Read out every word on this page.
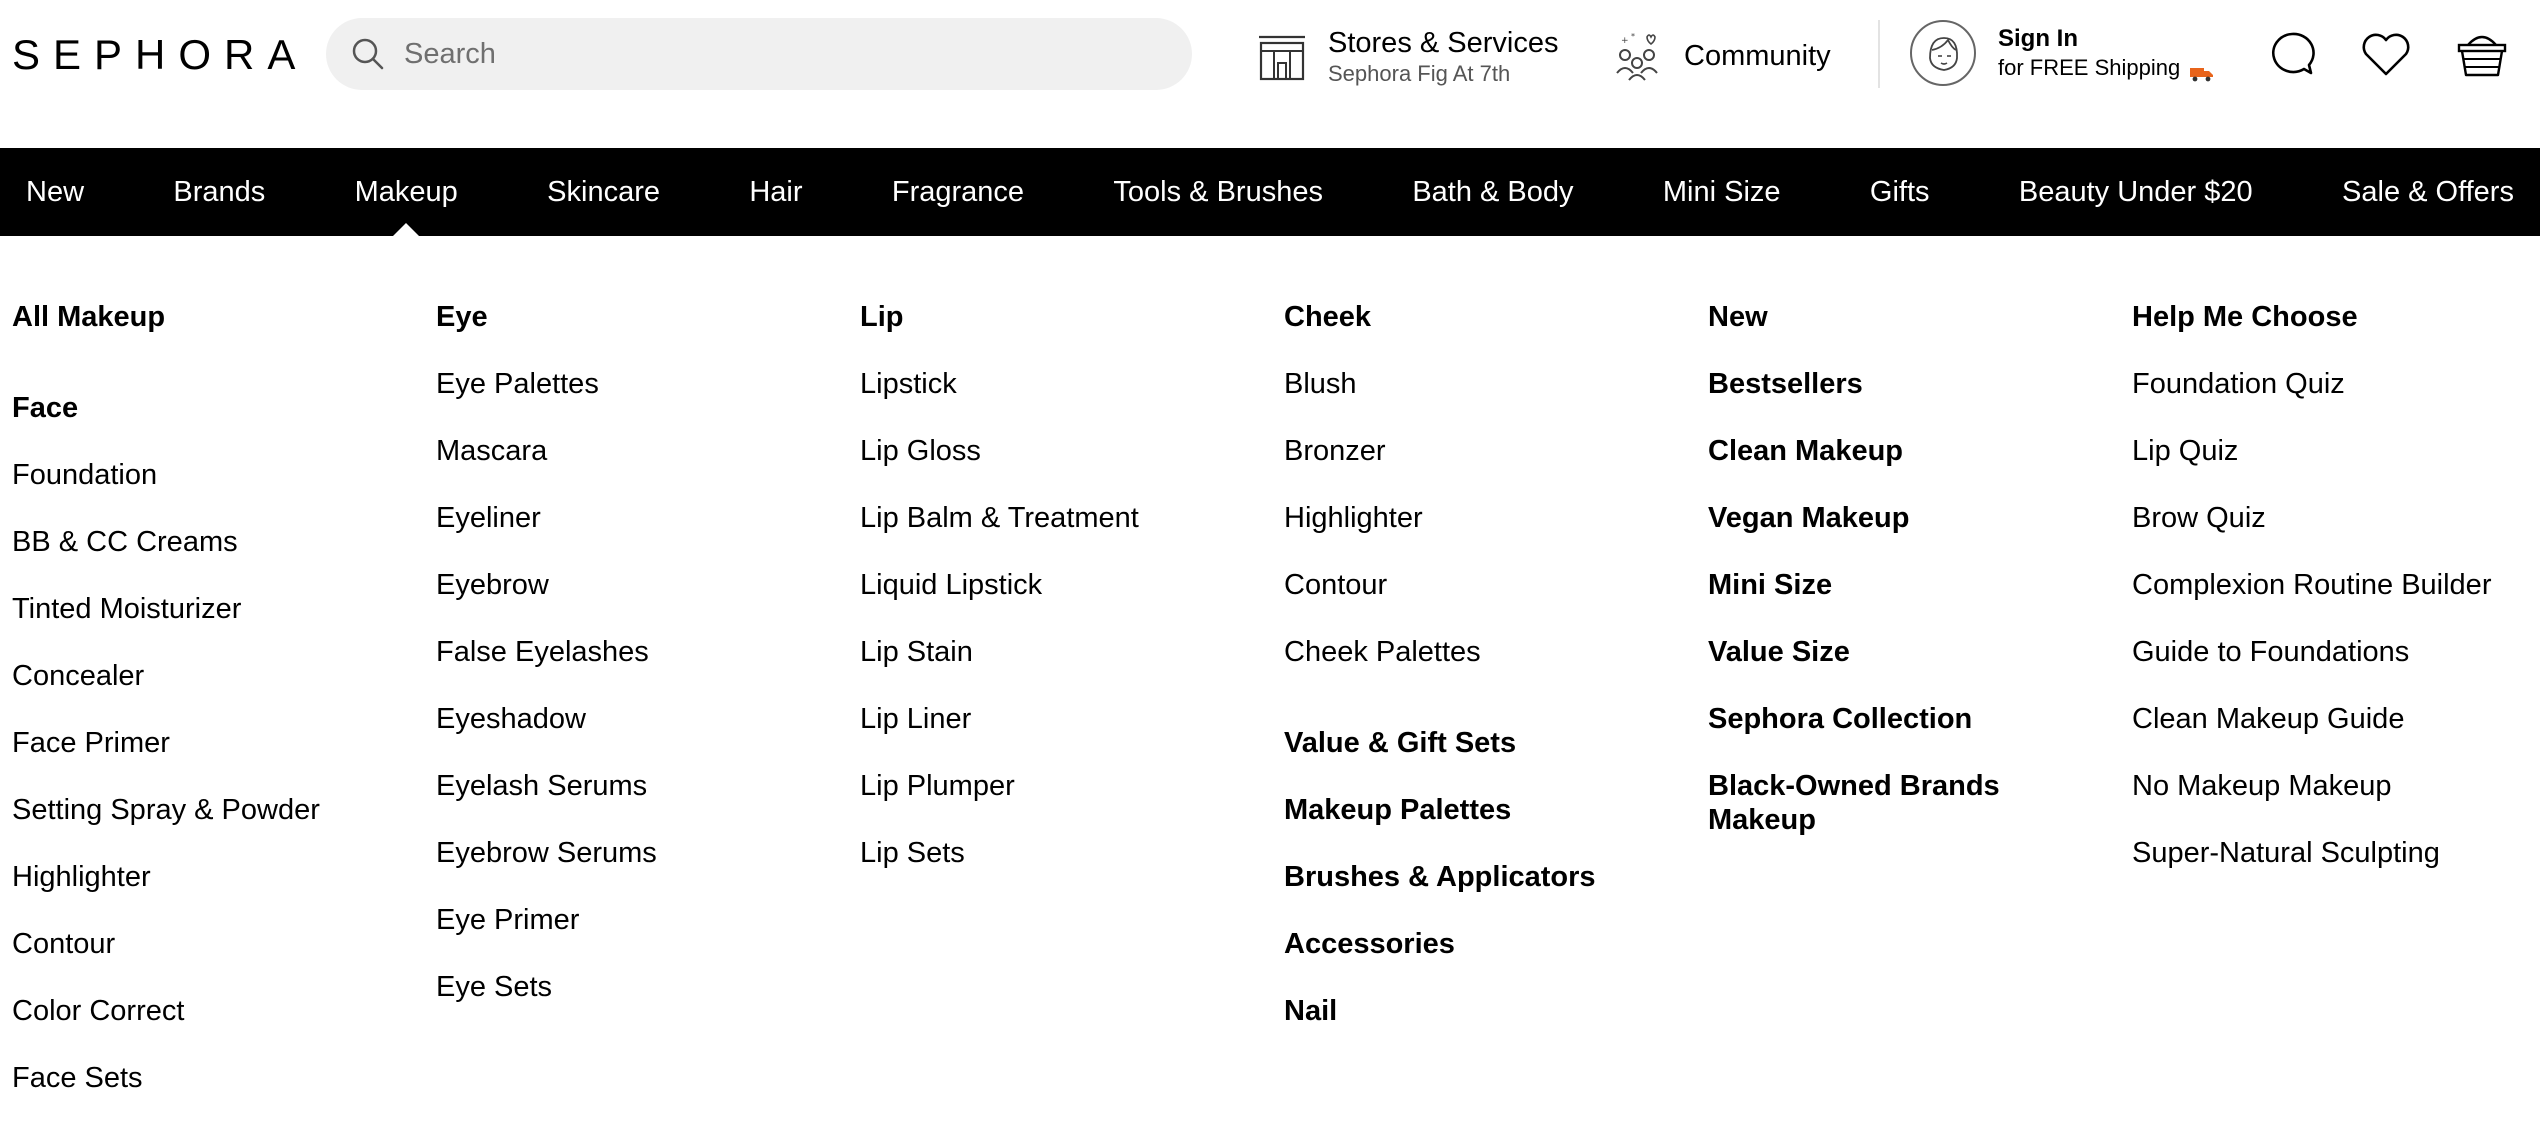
SEPHORA
Search	Stores & Services
Sephora Fig At 7th
+ *
Community
Sign In
for FREE Shipping
New	Brands	Makeup	Skincare	Hair	Fragrance	Tools & Brushes	Bath & Body	Mini Size	Gifts	Beauty Under $20	Sale & Offers
All Makeup
Face
Foundation
BB & CC Creams
Tinted Moisturizer
Concealer
Face Primer
Setting Spray & Powder
Highlighter
Contour
Color Correct
Face Sets
Eye
Eye Palettes
Mascara
Eyeliner
Eyebrow
False Eyelashes
Eyeshadow
Eyelash Serums
Eyebrow Serums
Eye Primer
Eye Sets
Lip
Lipstick
Lip Gloss
Lip Balm & Treatment
Liquid Lipstick
Lip Stain
Lip Liner
Lip Plumper
Lip Sets
Cheek
Blush
Bronzer
Highlighter
Contour
Cheek Palettes
Value & Gift Sets
Makeup Palettes
Brushes & Applicators
Accessories
Nail
New
Bestsellers
Clean Makeup
Vegan Makeup
Mini Size
Value Size
Sephora Collection
Black-Owned Brands Makeup
Help Me Choose
Foundation Quiz
Lip Quiz
Brow Quiz
Complexion Routine Builder
Guide to Foundations
Clean Makeup Guide
No Makeup Makeup
Super-Natural Sculpting
